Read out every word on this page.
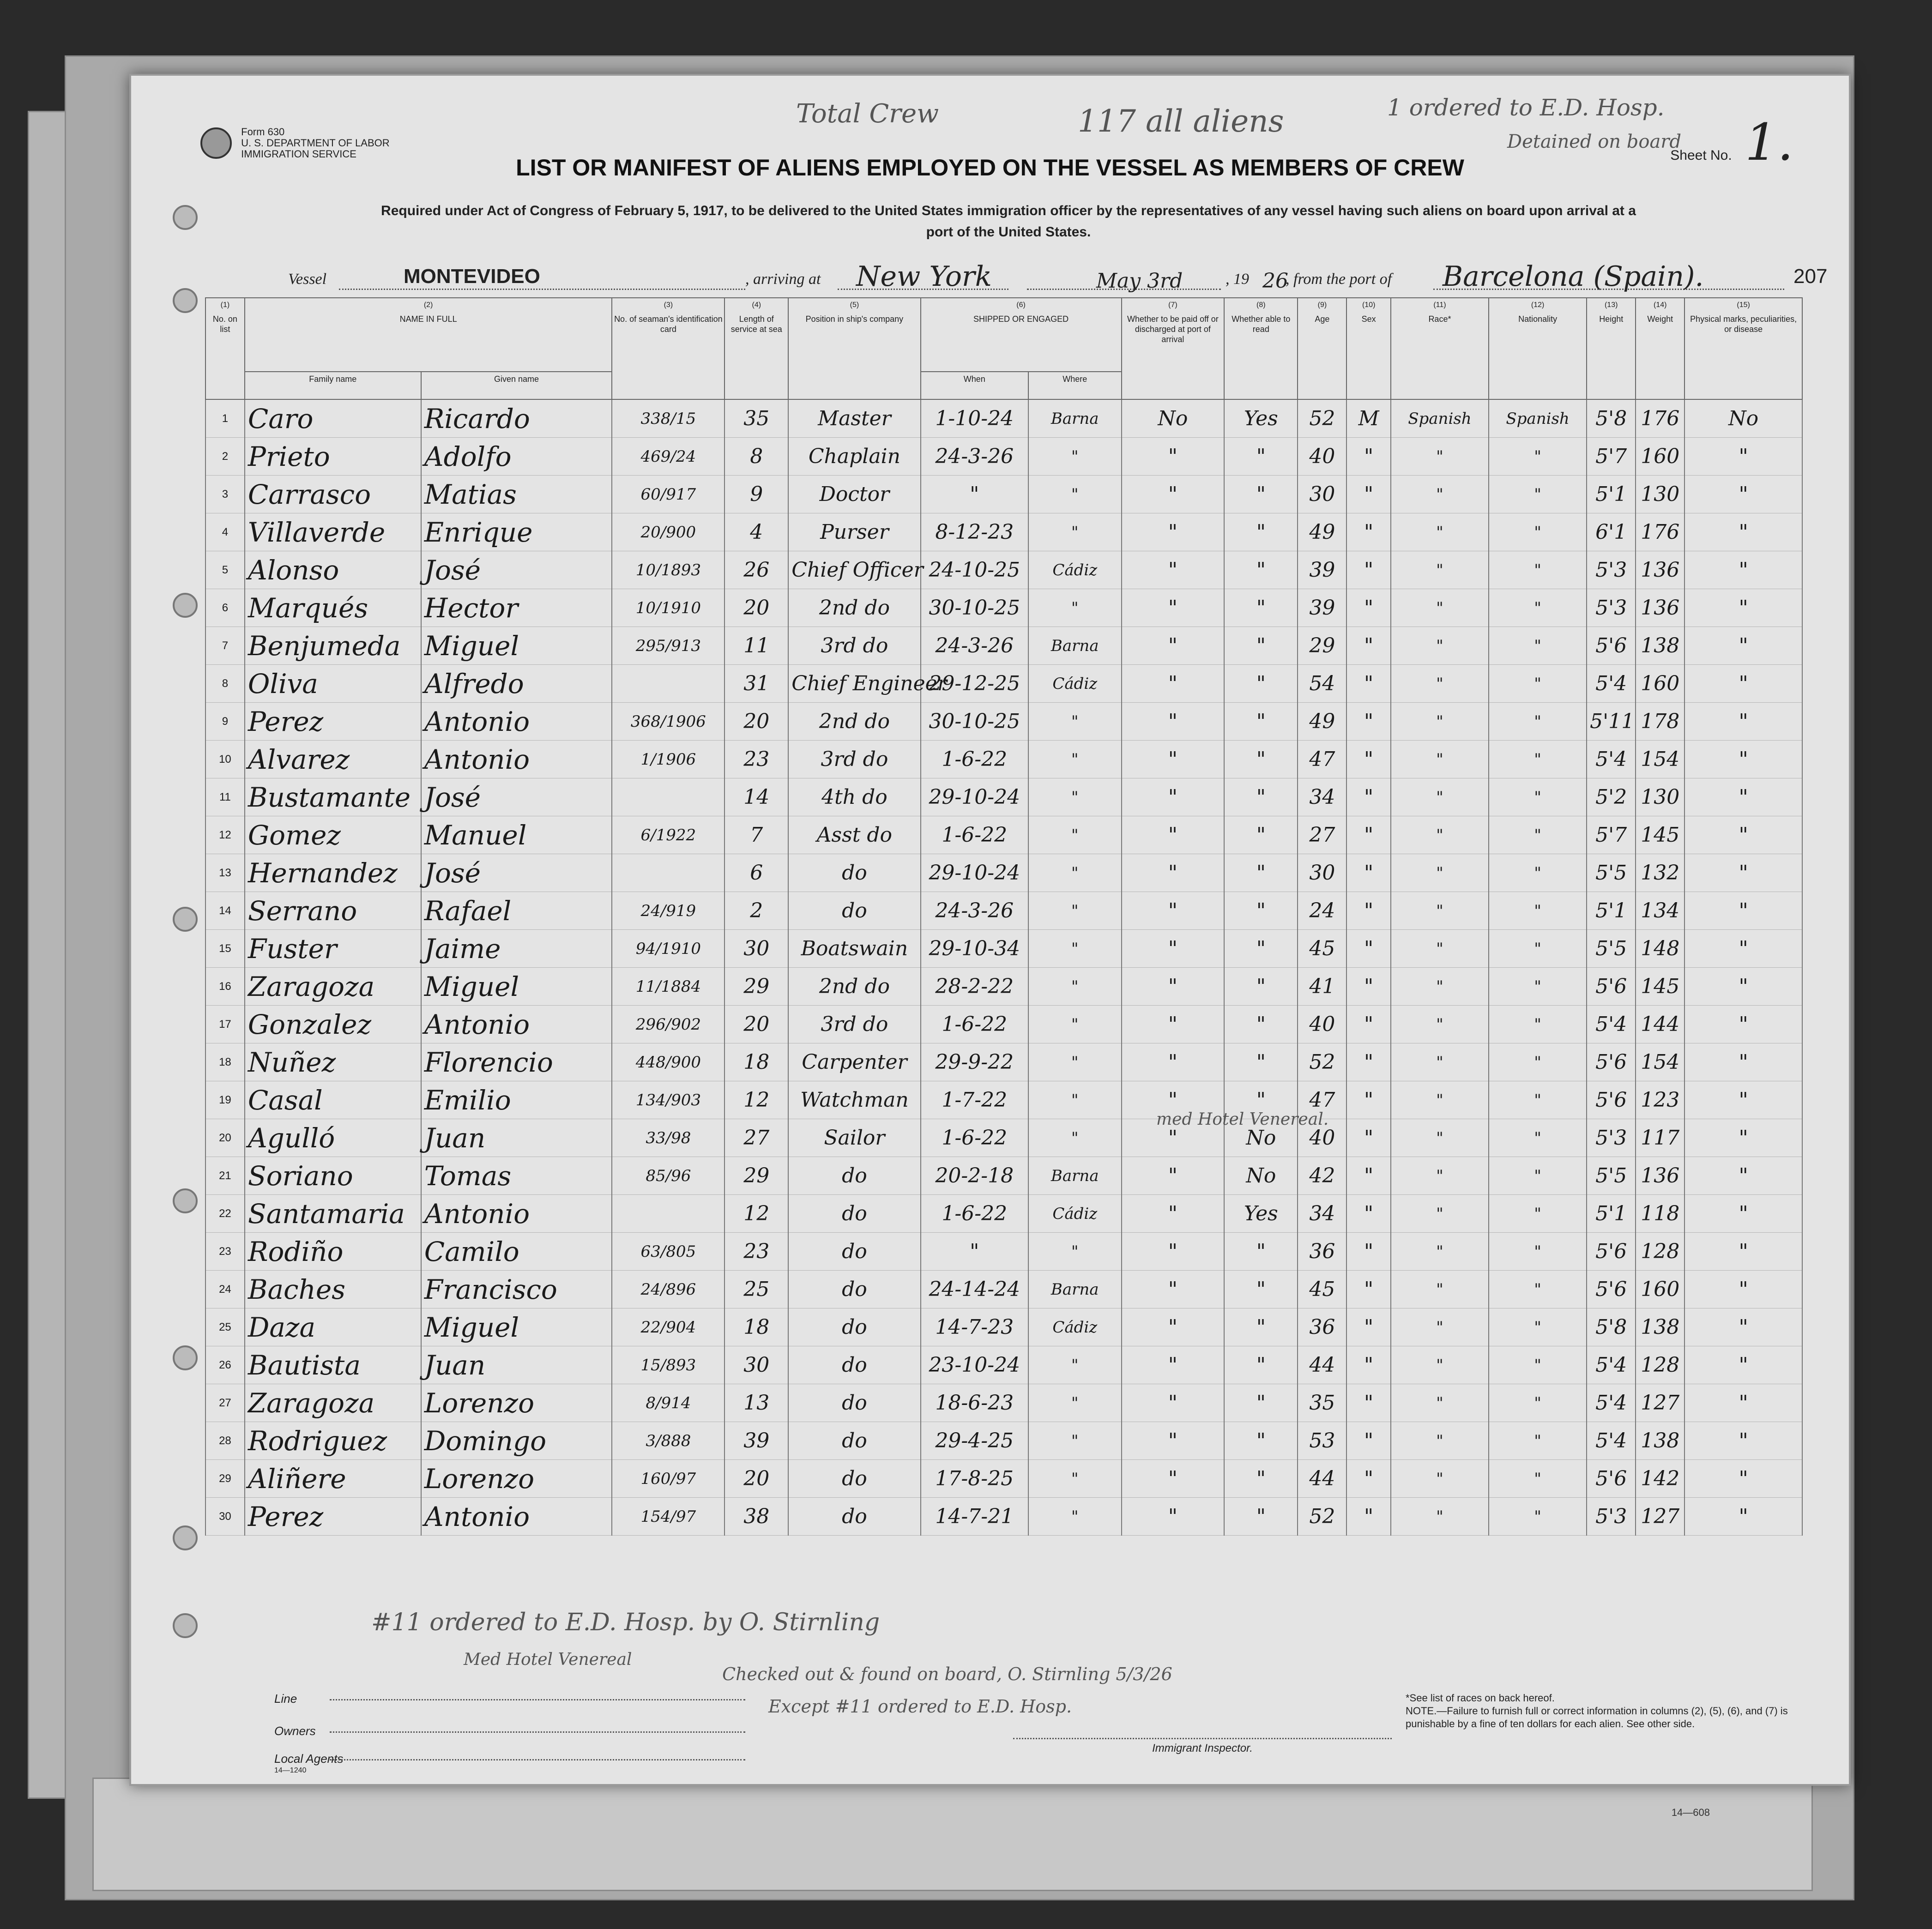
14—608

Form 630
U. S. DEPARTMENT OF LABOR
IMMIGRATION SERVICE
Total Crew	117 all aliens	1 ordered to E.D. Hosp.
Detained on board
Sheet No. 1.
LIST OR MANIFEST OF ALIENS EMPLOYED ON THE VESSEL AS MEMBERS OF CREW
Required under Act of Congress of February 5, 1917, to be delivered to the United States immigration officer by the representatives of any vessel having such aliens on board upon arrival at a
port of the United States.
Vessel	MONTEVIDEO	, arriving at New York	May 3rd	, 19 26
, from the port of Barcelona (Spain).	207
(1)
No. on list	(2)
NAME IN FULL		(3)
No. of seaman's identification card	(4)
Length of service at sea	(5)
Position in ship's company	(6)
SHIPPED OR ENGAGED		(7)
Whether to be paid off or discharged at port of arrival	(8)
Whether able to read	(9)
Age	(10)
Sex	(11)
Race*	(12)
Nationality	(13)
Height	(14)
Weight	(15)
Physical marks, peculiarities, or disease
	Family name	Given name				When	Where									
1	Caro	Ricardo	338/15	35	Master	1-10-24	Barna	No	Yes	52	M	Spanish	Spanish	5'8	176	No
2	Prieto	Adolfo	469/24	8	Chaplain	24-3-26	"	"	"	40	"	"	"	5'7	160	"
3	Carrasco	Matias	60/917	9	Doctor	"	"	"	"	30	"	"	"	5'1	130	"
4	Villaverde	Enrique	20/900	4	Purser	8-12-23	"	"	"	49	"	"	"	6'1	176	"
5	Alonso	José	10/1893	26	Chief Officer	24-10-25	Cádiz	"	"	39	"	"	"	5'3	136	"
6	Marqués	Hector	10/1910	20	2nd do	30-10-25	"	"	"	39	"	"	"	5'3	136	"
7	Benjumeda	Miguel	295/913	11	3rd do	24-3-26	Barna	"	"	29	"	"	"	5'6	138	"
8	Oliva	Alfredo		31	Chief Engineer	29-12-25	Cádiz	"	"	54	"	"	"	5'4	160	"
9	Perez	Antonio	368/1906	20	2nd do	30-10-25	"	"	"	49	"	"	"	5'11	178	"
10	Alvarez	Antonio	1/1906	23	3rd do	1-6-22	"	"	"	47	"	"	"	5'4	154	"
11	Bustamante	José		14	4th do	29-10-24	"	"	"	34	"	"	"	5'2	130	"
12	Gomez	Manuel	6/1922	7	Asst do	1-6-22	"	"	"	27	"	"	"	5'7	145	"
13	Hernandez	José		6	do	29-10-24	"	"	"	30	"	"	"	5'5	132	"
14	Serrano	Rafael	24/919	2	do	24-3-26	"	"	"	24	"	"	"	5'1	134	"
15	Fuster	Jaime	94/1910	30	Boatswain	29-10-34	"	"	"	45	"	"	"	5'5	148	"
16	Zaragoza	Miguel	11/1884	29	2nd do	28-2-22	"	"	"	41	"	"	"	5'6	145	"
17	Gonzalez	Antonio	296/902	20	3rd do	1-6-22	"	"	"	40	"	"	"	5'4	144	"
18	Nuñez	Florencio	448/900	18	Carpenter	29-9-22	"	"	"	52	"	"	"	5'6	154	"
19	Casal	Emilio	134/903	12	Watchman	1-7-22	"	"	"	47	"	"	"	5'6	123	"
20	Agulló	Juan	33/98	27	Sailor	1-6-22	"	"	No	40	"	"	"	5'3	117	"
21	Soriano	Tomas	85/96	29	do	20-2-18	Barna	"	No	42	"	"	"	5'5	136	"
22	Santamaria	Antonio		12	do	1-6-22	Cádiz	"	Yes	34	"	"	"	5'1	118	"
23	Rodiño	Camilo	63/805	23	do	"	"	"	"	36	"	"	"	5'6	128	"
24	Baches	Francisco	24/896	25	do	24-14-24	Barna	"	"	45	"	"	"	5'6	160	"
25	Daza	Miguel	22/904	18	do	14-7-23	Cádiz	"	"	36	"	"	"	5'8	138	"
26	Bautista	Juan	15/893	30	do	23-10-24	"	"	"	44	"	"	"	5'4	128	"
27	Zaragoza	Lorenzo	8/914	13	do	18-6-23	"	"	"	35	"	"	"	5'4	127	"
28	Rodriguez	Domingo	3/888	39	do	29-4-25	"	"	"	53	"	"	"	5'4	138	"
29	Aliñere	Lorenzo	160/97	20	do	17-8-25	"	"	"	44	"	"	"	5'6	142	"
30	Perez	Antonio	154/97	38	do	14-7-21	"	"	"	52	"	"	"	5'3	127	"
med Hotel Venereal.
#11 ordered to E.D. Hosp. by O. Stirnling
Med Hotel Venereal
Checked out & found on board, O. Stirnling 5/3/26
Except #11 ordered to E.D. Hosp.
Line
Owners
Local Agents
14—1240
Immigrant Inspector.
*See list of races on back hereof.
NOTE.—Failure to furnish full or correct information in columns (2), (5), (6), and (7) is punishable by a fine of ten dollars for each alien. See other side.
